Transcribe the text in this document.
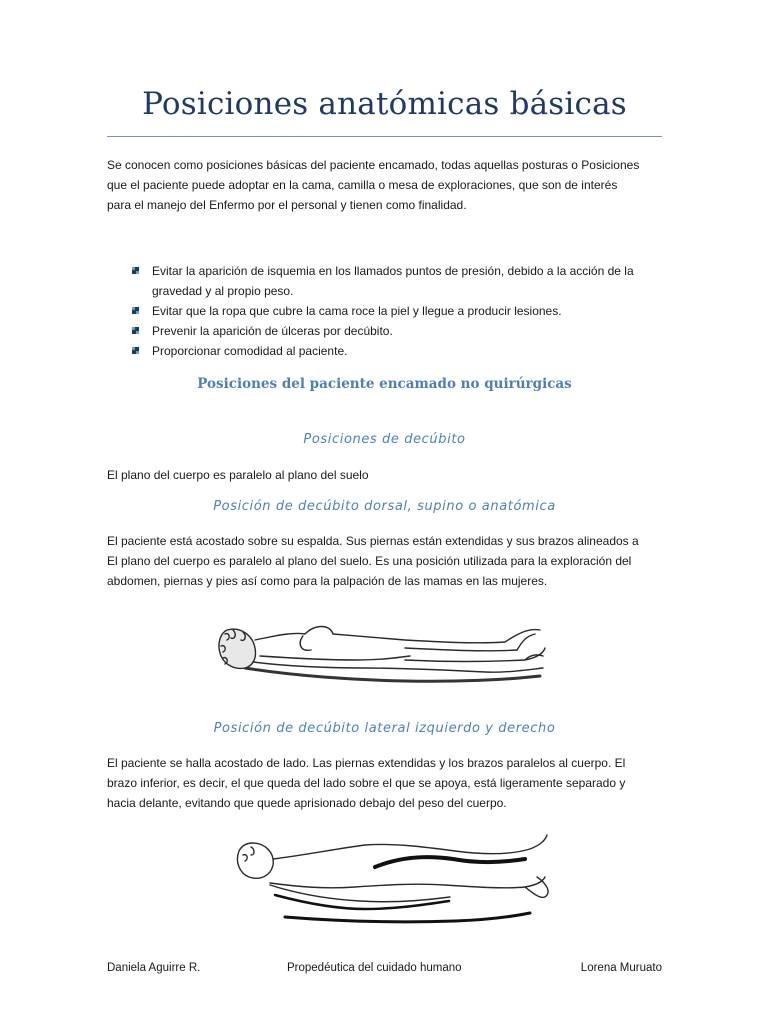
Posiciones anatómicas básicas
Se conocen como posiciones básicas del paciente encamado, todas aquellas posturas o Posiciones
que el paciente puede adoptar en la cama, camilla o mesa de exploraciones, que son de interés
para el manejo del Enfermo por el personal y tienen como finalidad.
Evitar la aparición de isquemia en los llamados puntos de presión, debido a la acción de la
gravedad y al propio peso.
Evitar que la ropa que cubre la cama roce la piel y llegue a producir lesiones.
Prevenir la aparición de úlceras por decúbito.
Proporcionar comodidad al paciente.
Posiciones del paciente encamado no quirúrgicas
Posiciones de decúbito
El plano del cuerpo es paralelo al plano del suelo
Posición de decúbito dorsal, supino o anatómica
El paciente está acostado sobre su espalda. Sus piernas están extendidas y sus brazos alineados a
El plano del cuerpo es paralelo al plano del suelo. Es una posición utilizada para la exploración del
abdomen, piernas y pies así como para la palpación de las mamas en las mujeres.
Posición de decúbito lateral izquierdo y derecho
El paciente se halla acostado de lado. Las piernas extendidas y los brazos paralelos al cuerpo. El
brazo inferior, es decir, el que queda del lado sobre el que se apoya, está ligeramente separado y
hacia delante, evitando que quede aprisionado debajo del peso del cuerpo.
Daniela Aguirre R.	Propedéutica del cuidado humano	Lorena Muruato
